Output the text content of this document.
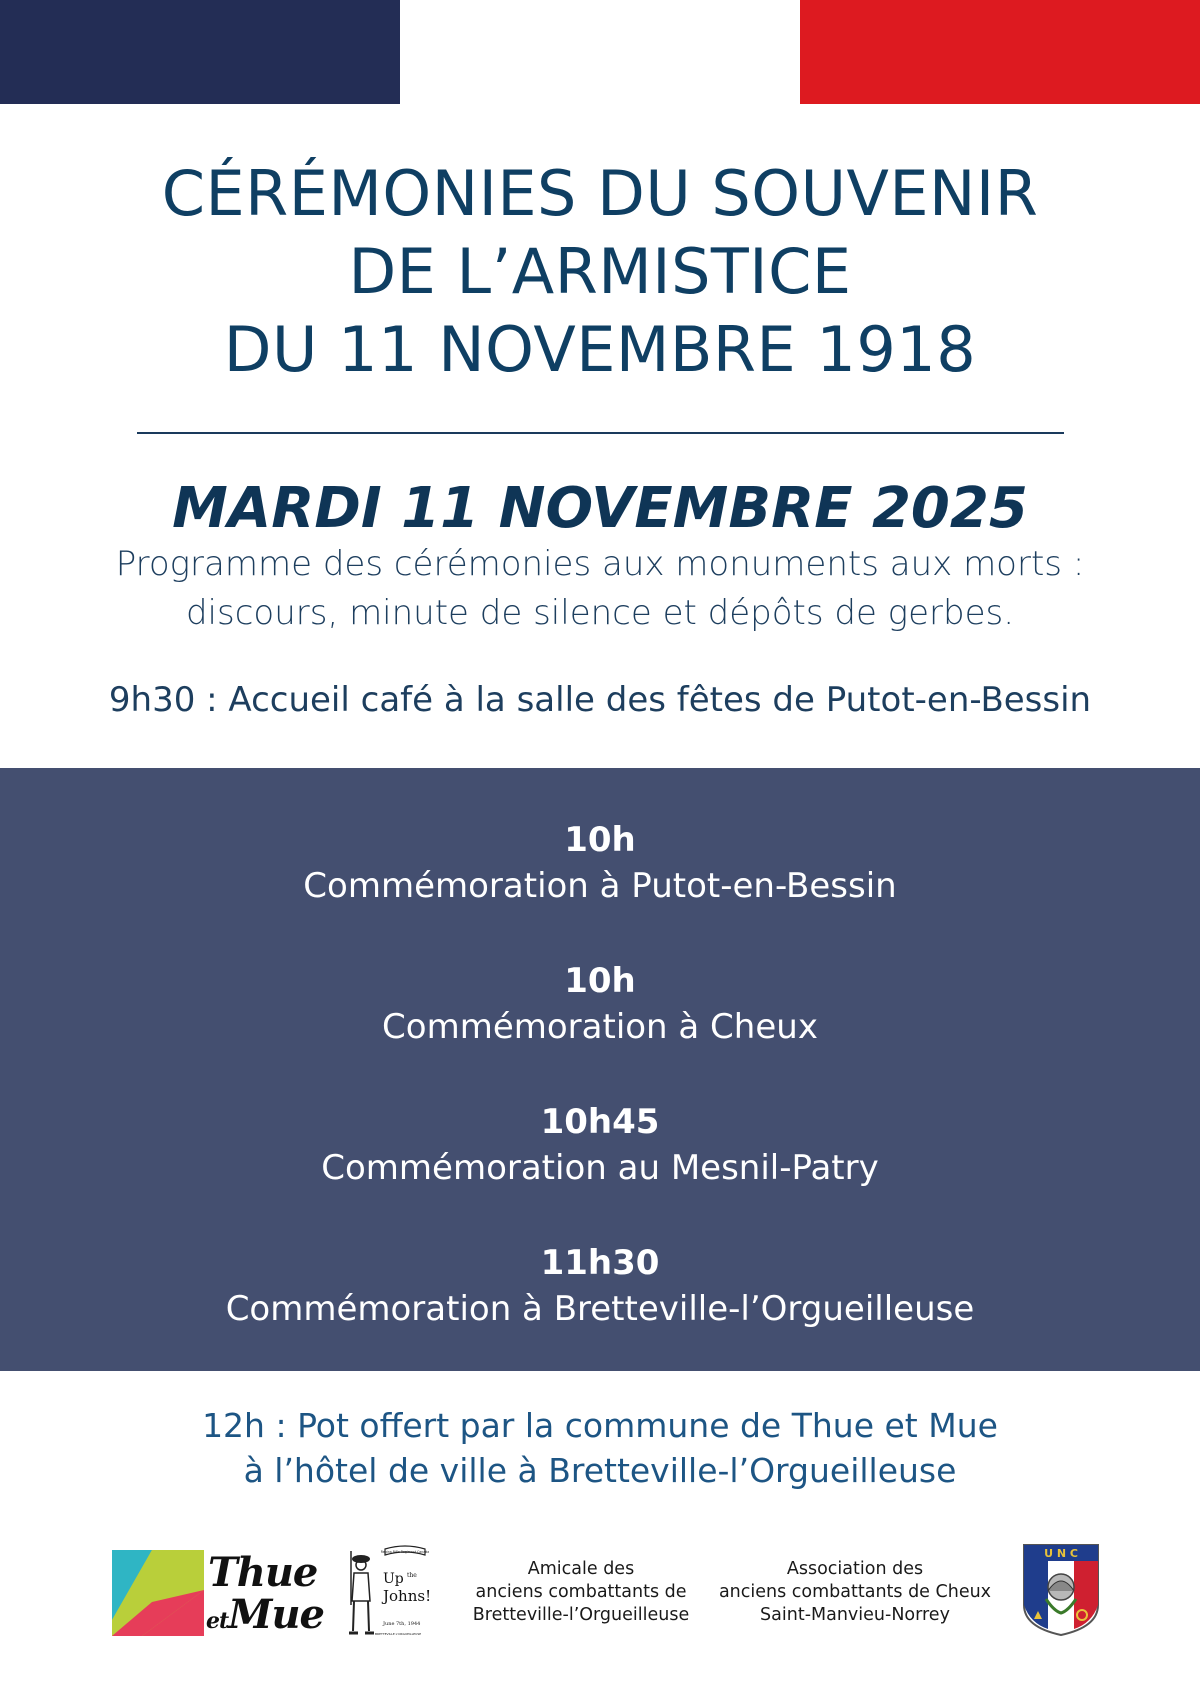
CÉRÉMONIES DU SOUVENIR
DE L’ARMISTICE
DU 11 NOVEMBRE 1918
MARDI 11 NOVEMBRE 2025
Programme des cérémonies aux monuments aux morts :
discours, minute de silence et dépôts de gerbes.
9h30 : Accueil café à la salle des fêtes de Putot-en-Bessin
10h
Commémoration à Putot-en-Bessin
10h
Commémoration à Cheux
10h45
Commémoration au Mesnil-Patry
11h30
Commémoration à Bretteville-l’Orgueilleuse
12h : Pot offert par la commune de Thue et Mue
à l’hôtel de ville à Bretteville-l’Orgueilleuse
Thue
etMue
Regina Rifle Regiment Canada
Up the
Johns!
June 7th, 1944
BRETTEVILLE L'ORGUEILLEUSE
Amicale des
anciens combattants de
Bretteville-l’Orgueilleuse
Association des
anciens combattants de Cheux
Saint-Manvieu-Norrey
U N C
